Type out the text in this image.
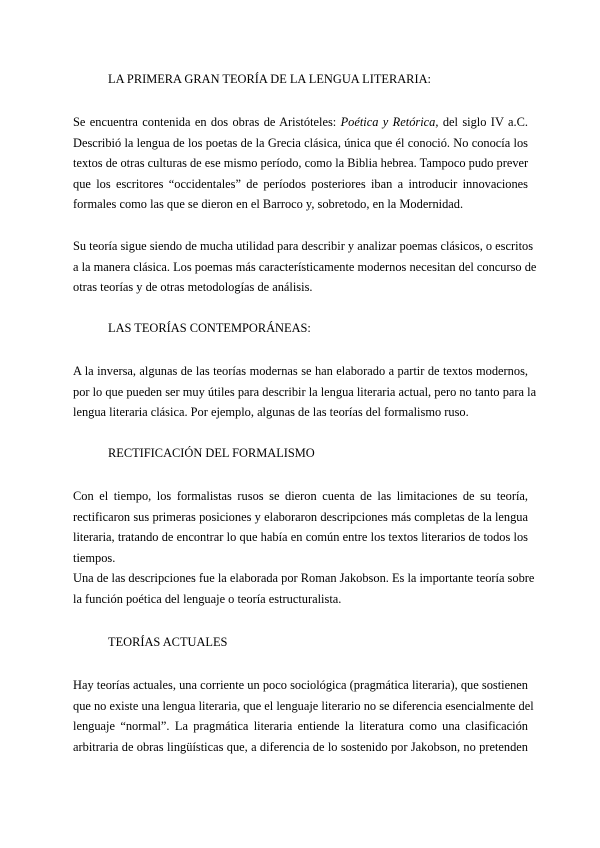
LA PRIMERA GRAN TEORÍA DE LA LENGUA LITERARIA:

Se encuentra contenida en dos obras de Aristóteles: Poética y Retórica, del siglo IV a.C.
Describió la lengua de los poetas de la Grecia clásica, única que él conoció. No conocía los
textos de otras culturas de ese mismo período, como la Biblia hebrea. Tampoco pudo prever
que los escritores “occidentales” de períodos posteriores iban a introducir innovaciones
formales como las que se dieron en el Barroco y, sobretodo, en la Modernidad.

Su teoría sigue siendo de mucha utilidad para describir y analizar poemas clásicos, o escritos
a la manera clásica. Los poemas más característicamente modernos necesitan del concurso de
otras teorías y de otras metodologías de análisis.

LAS TEORÍAS CONTEMPORÁNEAS:

A la inversa, algunas de las teorías modernas se han elaborado a partir de textos modernos,
por lo que pueden ser muy útiles para describir la lengua literaria actual, pero no tanto para la
lengua literaria clásica. Por ejemplo, algunas de las teorías del formalismo ruso.

RECTIFICACIÓN DEL FORMALISMO

Con el tiempo, los formalistas rusos se dieron cuenta de las limitaciones de su teoría,
rectificaron sus primeras posiciones y elaboraron descripciones más completas de la lengua
literaria, tratando de encontrar lo que había en común entre los textos literarios de todos los
tiempos.
Una de las descripciones fue la elaborada por Roman Jakobson. Es la importante teoría sobre
la función poética del lenguaje o teoría estructuralista.

TEORÍAS ACTUALES

Hay teorías actuales, una corriente un poco sociológica (pragmática literaria), que sostienen
que no existe una lengua literaria, que el lenguaje literario no se diferencia esencialmente del
lenguaje “normal”. La pragmática literaria entiende la literatura como una clasificación
arbitraria de obras lingüísticas que, a diferencia de lo sostenido por Jakobson, no pretenden
